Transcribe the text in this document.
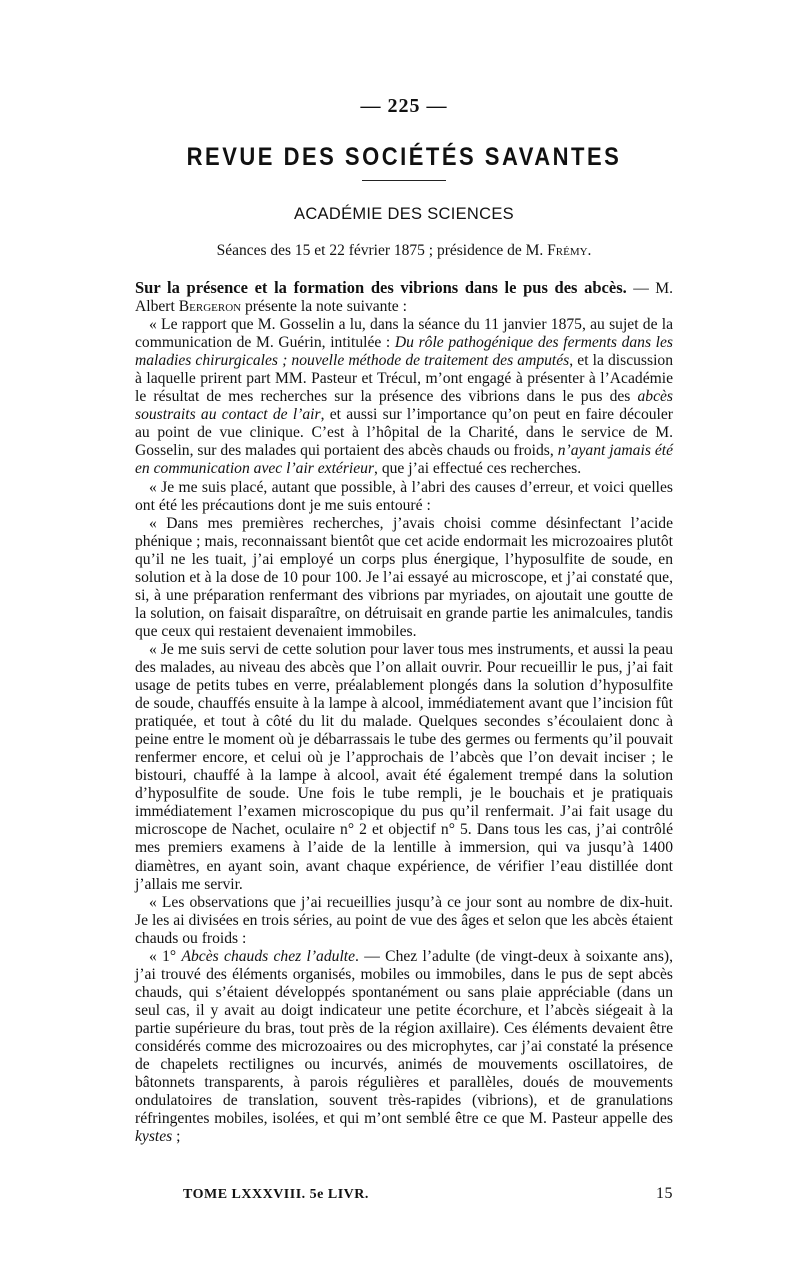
— 225 —
REVUE DES SOCIÉTÉS SAVANTES
ACADÉMIE DES SCIENCES
Séances des 15 et 22 février 1875 ; présidence de M. Frémy.

Sur la présence et la formation des vibrions dans le pus des abcès. — M. Albert Bergeron présente la note suivante :

« Le rapport que M. Gosselin a lu, dans la séance du 11 janvier 1875, au sujet de la communication de M. Guérin, intitulée : Du rôle pathogénique des ferments dans les maladies chirurgicales ; nouvelle méthode de traitement des amputés, et la discussion à laquelle prirent part MM. Pasteur et Trécul, m’ont engagé à présenter à l’Académie le résultat de mes recherches sur la présence des vibrions dans le pus des abcès soustraits au contact de l’air, et aussi sur l’importance qu’on peut en faire découler au point de vue clinique. C’est à l’hôpital de la Charité, dans le service de M. Gosselin, sur des malades qui portaient des abcès chauds ou froids, n’ayant jamais été en communication avec l’air extérieur, que j’ai effectué ces recherches.

« Je me suis placé, autant que possible, à l’abri des causes d’erreur, et voici quelles ont été les précautions dont je me suis entouré :

« Dans mes premières recherches, j’avais choisi comme désinfectant l’acide phénique ; mais, reconnaissant bientôt que cet acide endormait les microzoaires plutôt qu’il ne les tuait, j’ai employé un corps plus énergique, l’hyposulfite de soude, en solution et à la dose de 10 pour 100. Je l’ai essayé au microscope, et j’ai constaté que, si, à une préparation renfermant des vibrions par myriades, on ajoutait une goutte de la solution, on faisait disparaître, on détruisait en grande partie les animalcules, tandis que ceux qui restaient devenaient immobiles.

« Je me suis servi de cette solution pour laver tous mes instruments, et aussi la peau des malades, au niveau des abcès que l’on allait ouvrir. Pour recueillir le pus, j’ai fait usage de petits tubes en verre, préalablement plongés dans la solution d’hyposulfite de soude, chauffés ensuite à la lampe à alcool, immédiatement avant que l’incision fût pratiquée, et tout à côté du lit du malade. Quelques secondes s’écoulaient donc à peine entre le moment où je débarrassais le tube des germes ou ferments qu’il pouvait renfermer encore, et celui où je l’approchais de l’abcès que l’on devait inciser ; le bistouri, chauffé à la lampe à alcool, avait été également trempé dans la solution d’hyposulfite de soude. Une fois le tube rempli, je le bouchais et je pratiquais immédiatement l’examen microscopique du pus qu’il renfermait. J’ai fait usage du microscope de Nachet, oculaire n° 2 et objectif n° 5. Dans tous les cas, j’ai contrôlé mes premiers examens à l’aide de la lentille à immersion, qui va jusqu’à 1400 diamètres, en ayant soin, avant chaque expérience, de vérifier l’eau distillée dont j’allais me servir.

« Les observations que j’ai recueillies jusqu’à ce jour sont au nombre de dix-huit. Je les ai divisées en trois séries, au point de vue des âges et selon que les abcès étaient chauds ou froids :

« 1° Abcès chauds chez l’adulte. — Chez l’adulte (de vingt-deux à soixante ans), j’ai trouvé des éléments organisés, mobiles ou immobiles, dans le pus de sept abcès chauds, qui s’étaient développés spontanément ou sans plaie appréciable (dans un seul cas, il y avait au doigt indicateur une petite écorchure, et l’abcès siégeait à la partie supérieure du bras, tout près de la région axillaire). Ces éléments devaient être considérés comme des microzoaires ou des microphytes, car j’ai constaté la présence de chapelets rectilignes ou incurvés, animés de mouvements oscillatoires, de bâtonnets transparents, à parois régulières et parallèles, doués de mouvements ondulatoires de translation, souvent très-rapides (vibrions), et de granulations réfringentes mobiles, isolées, et qui m’ont semblé être ce que M. Pasteur appelle des kystes ;

TOME LXXXVIII. 5e LIVR.	15
